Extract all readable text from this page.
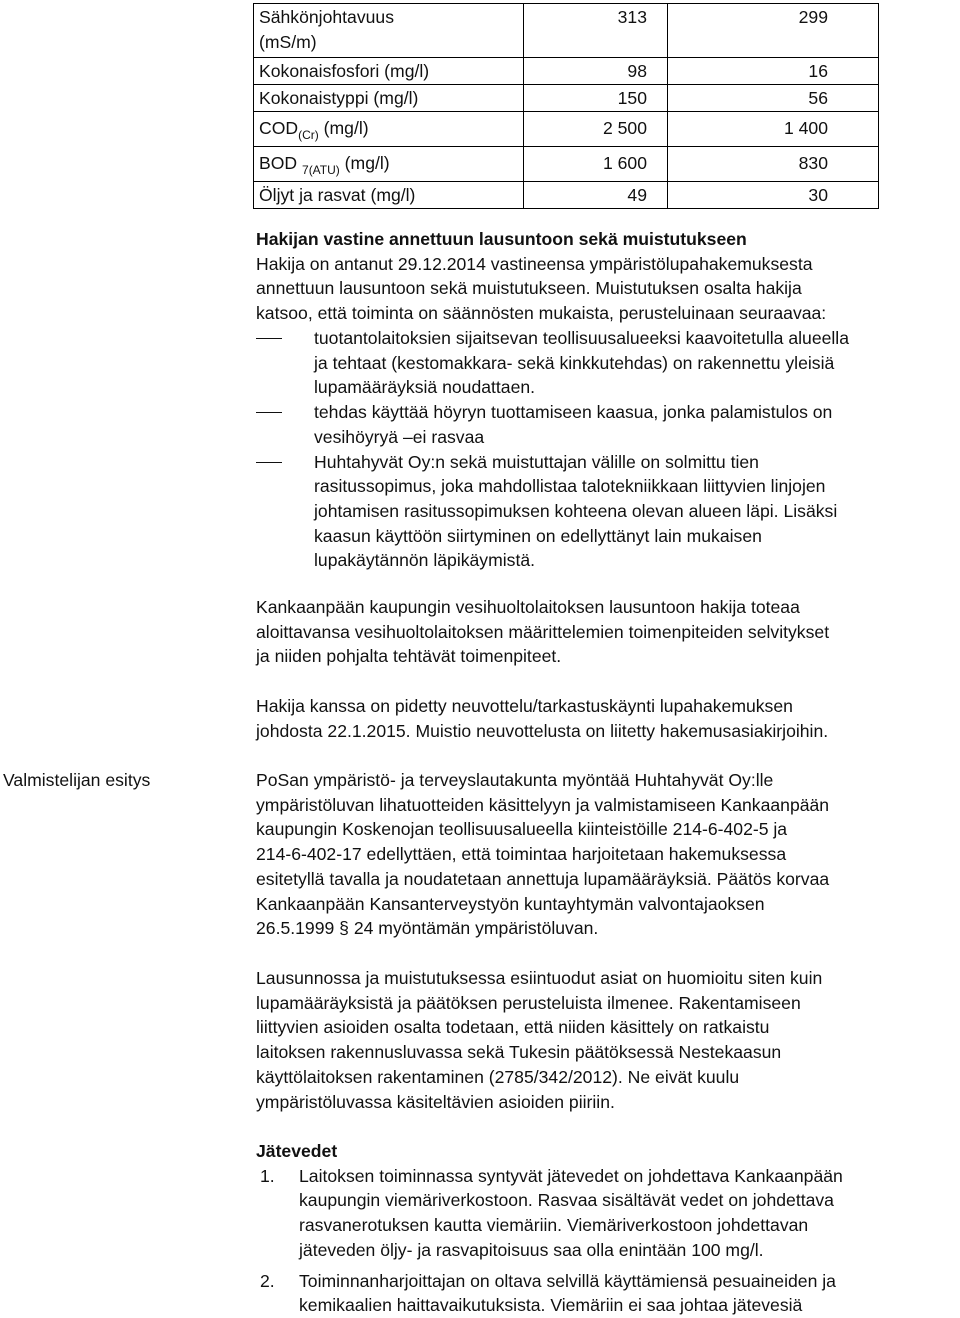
Sähkönjohtavuus
(mS/m)	313	299
Kokonaisfosfori (mg/l)	98	16
Kokonaistyppi (mg/l)	150	56
$COD_{(Cr)}$ (mg/l)	2 500	1 400
BOD $_{7(ATU)}$ (mg/l)	1 600	830
Öljyt ja rasvat (mg/l)	49	30
Hakijan vastine annettuun lausuntoon sekä muistutukseen
Hakija on antanut 29.12.2014 vastineensa ympäristölupahakemuksesta
annettuun lausuntoon sekä muistutukseen. Muistutuksen osalta hakija
katsoo, että toiminta on säännösten mukaista, perusteluinaan seuraavaa:
tuotantolaitoksien sijaitsevan teollisuusalueeksi kaavoitetulla alueella
ja tehtaat (kestomakkara- sekä kinkkutehdas) on rakennettu yleisiä
lupamääräyksiä noudattaen.
tehdas käyttää höyryn tuottamiseen kaasua, jonka palamistulos on
vesihöyryä –ei rasvaa
Huhtahyvät Oy:n sekä muistuttajan välille on solmittu tien
rasitussopimus, joka mahdollistaa talotekniikkaan liittyvien linjojen
johtamisen rasitussopimuksen kohteena olevan alueen läpi. Lisäksi
kaasun käyttöön siirtyminen on edellyttänyt lain mukaisen
lupakäytännön läpikäymistä.
Kankaanpään kaupungin vesihuoltolaitoksen lausuntoon hakija toteaa
aloittavansa vesihuoltolaitoksen määrittelemien toimenpiteiden selvitykset
ja niiden pohjalta tehtävät toimenpiteet.
Hakija kanssa on pidetty neuvottelu/tarkastuskäynti lupahakemuksen
johdosta 22.1.2015. Muistio neuvottelusta on liitetty hakemusasiakirjoihin.
Valmistelijan esitys	PoSan ympäristö- ja terveyslautakunta myöntää Huhtahyvät Oy:lle
ympäristöluvan lihatuotteiden käsittelyyn ja valmistamiseen Kankaanpään
kaupungin Koskenojan teollisuusalueella kiinteistöille 214-6-402-5 ja
214-6-402-17 edellyttäen, että toimintaa harjoitetaan hakemuksessa
esitetyllä tavalla ja noudatetaan annettuja lupamääräyksiä. Päätös korvaa
Kankaanpään Kansanterveystyön kuntayhtymän valvontajaoksen
26.5.1999 § 24 myöntämän ympäristöluvan.
Lausunnossa ja muistutuksessa esiintuodut asiat on huomioitu siten kuin
lupamääräyksistä ja päätöksen perusteluista ilmenee. Rakentamiseen
liittyvien asioiden osalta todetaan, että niiden käsittely on ratkaistu
laitoksen rakennusluvassa sekä Tukesin päätöksessä Nestekaasun
käyttölaitoksen rakentaminen (2785/342/2012). Ne eivät kuulu
ympäristöluvassa käsiteltävien asioiden piiriin.
Jätevedet
1. Laitoksen toiminnassa syntyvät jätevedet on johdettava Kankaanpään
kaupungin viemäriverkostoon. Rasvaa sisältävät vedet on johdettava
rasvanerotuksen kautta viemäriin. Viemäriverkostoon johdettavan
jäteveden öljy- ja rasvapitoisuus saa olla enintään 100 mg/l.
2. Toiminnanharjoittajan on oltava selvillä käyttämiensä pesuaineiden ja
kemikaalien haittavaikutuksista. Viemäriin ei saa johtaa jätevesiä
